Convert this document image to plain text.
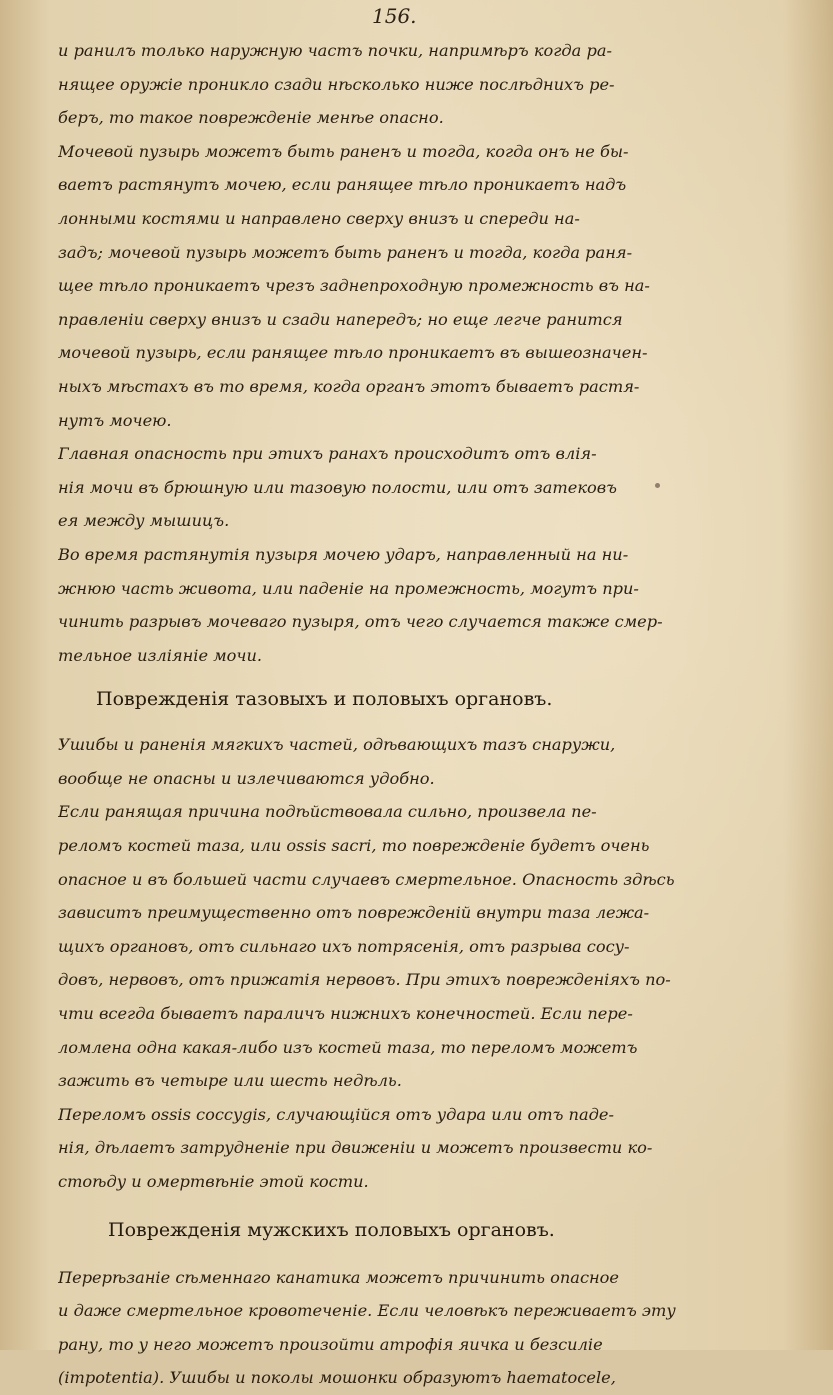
156.

и ранилъ только наружную частъ почки, напримѣръ когда ра-
нящее оружіе проникло сзади нѣсколько ниже послѣднихъ ре-
беръ, то такое поврежденіе менѣе опасно.

Мочевой пузырь можетъ быть раненъ и тогда, когда онъ не бы-
ваетъ растянутъ мочею, если ранящее тѣло проникаетъ надъ
лонными костями и направлено сверху внизъ и спереди на-
задъ; мочевой пузырь можетъ быть раненъ и тогда, когда раня-
щее тѣло проникаетъ чрезъ заднепроходную промежность въ на-
правленіи сверху внизъ и сзади напередъ; но еще легче ранится
мочевой пузырь, если ранящее тѣло проникаетъ въ вышеозначен-
ныхъ мѣстахъ въ то время, когда органъ этотъ бываетъ растя-
нутъ мочею.

Главная опасность при этихъ ранахъ происходитъ отъ влія-
нія мочи въ брюшную или тазовую полости, или отъ затековъ
ея между мышицъ.

Во время растянутія пузыря мочею ударъ, направленный на ни-
жнюю часть живота, или паденіе на промежность, могутъ при-
чинить разрывъ мочеваго пузыря, отъ чего случается также смер-
тельное изліяніе мочи.

Поврежденія тазовыхъ и половыхъ органовъ.

Ушибы и раненія мягкихъ частей, одѣвающихъ тазъ снаружи,
вообще не опасны и излечиваются удобно.

Если ранящая причина подѣйствовала сильно, произвела пе-
реломъ костей таза, или ossis sacri, то поврежденіе будетъ очень
опасное и въ большей части случаевъ смертельное. Опасность здѣсь
зависитъ преимущественно отъ поврежденій внутри таза лежа-
щихъ органовъ, отъ сильнаго ихъ потрясенія, отъ разрыва сосу-
довъ, нервовъ, отъ прижатія нервовъ. При этихъ поврежденіяхъ по-
чти всегда бываетъ параличъ нижнихъ конечностей. Если пере-
ломлена одна какая-либо изъ костей таза, то переломъ можетъ
зажить въ четыре или шесть недѣль.

Переломъ ossis coccygis, случающійся отъ удара или отъ паде-
нія, дѣлаетъ затрудненіе при движеніи и можетъ произвести ко-
стоѣду и омертвѣніе этой кости.

Поврежденія мужскихъ половыхъ органовъ.

Перерѣзаніе сѣменнаго канатика можетъ причинить опасное
и даже смертельное кровотеченіе. Если человѣкъ переживаетъ эту
рану, то у него можетъ произойти атрофія яичка и безсиліе
(impotentia). Ушибы и поколы мошонки образуютъ haematocele,
